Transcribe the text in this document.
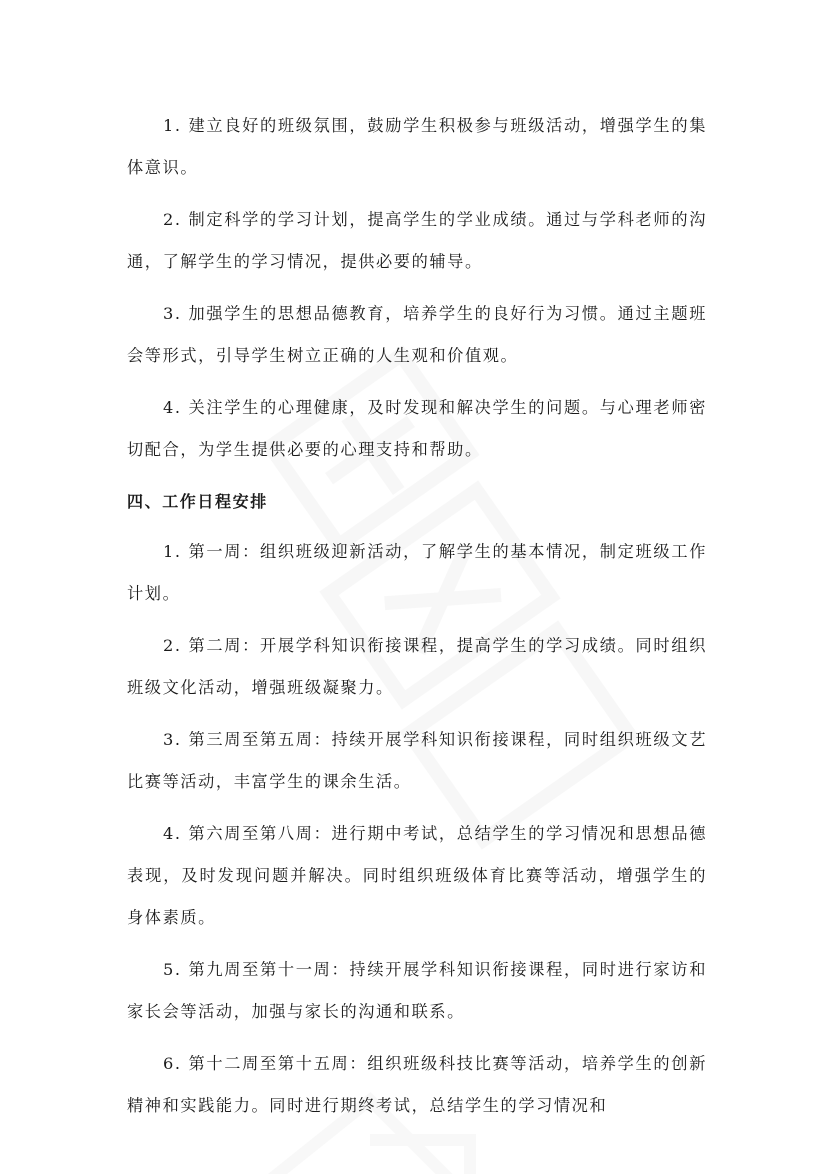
1. 建立良好的班级氛围，鼓励学生积极参与班级活动，增强学生的集体意识。

2. 制定科学的学习计划，提高学生的学业成绩。通过与学科老师的沟通，了解学生的学习情况，提供必要的辅导。

3. 加强学生的思想品德教育，培养学生的良好行为习惯。通过主题班会等形式，引导学生树立正确的人生观和价值观。

4. 关注学生的心理健康，及时发现和解决学生的问题。与心理老师密切配合，为学生提供必要的心理支持和帮助。

四、工作日程安排

1. 第一周：组织班级迎新活动，了解学生的基本情况，制定班级工作计划。

2. 第二周：开展学科知识衔接课程，提高学生的学习成绩。同时组织班级文化活动，增强班级凝聚力。

3. 第三周至第五周：持续开展学科知识衔接课程，同时组织班级文艺比赛等活动，丰富学生的课余生活。

4. 第六周至第八周：进行期中考试，总结学生的学习情况和思想品德表现，及时发现问题并解决。同时组织班级体育比赛等活动，增强学生的身体素质。

5. 第九周至第十一周：持续开展学科知识衔接课程，同时进行家访和家长会等活动，加强与家长的沟通和联系。

6. 第十二周至第十五周：组织班级科技比赛等活动，培养学生的创新精神和实践能力。同时进行期终考试，总结学生的学习情况和
